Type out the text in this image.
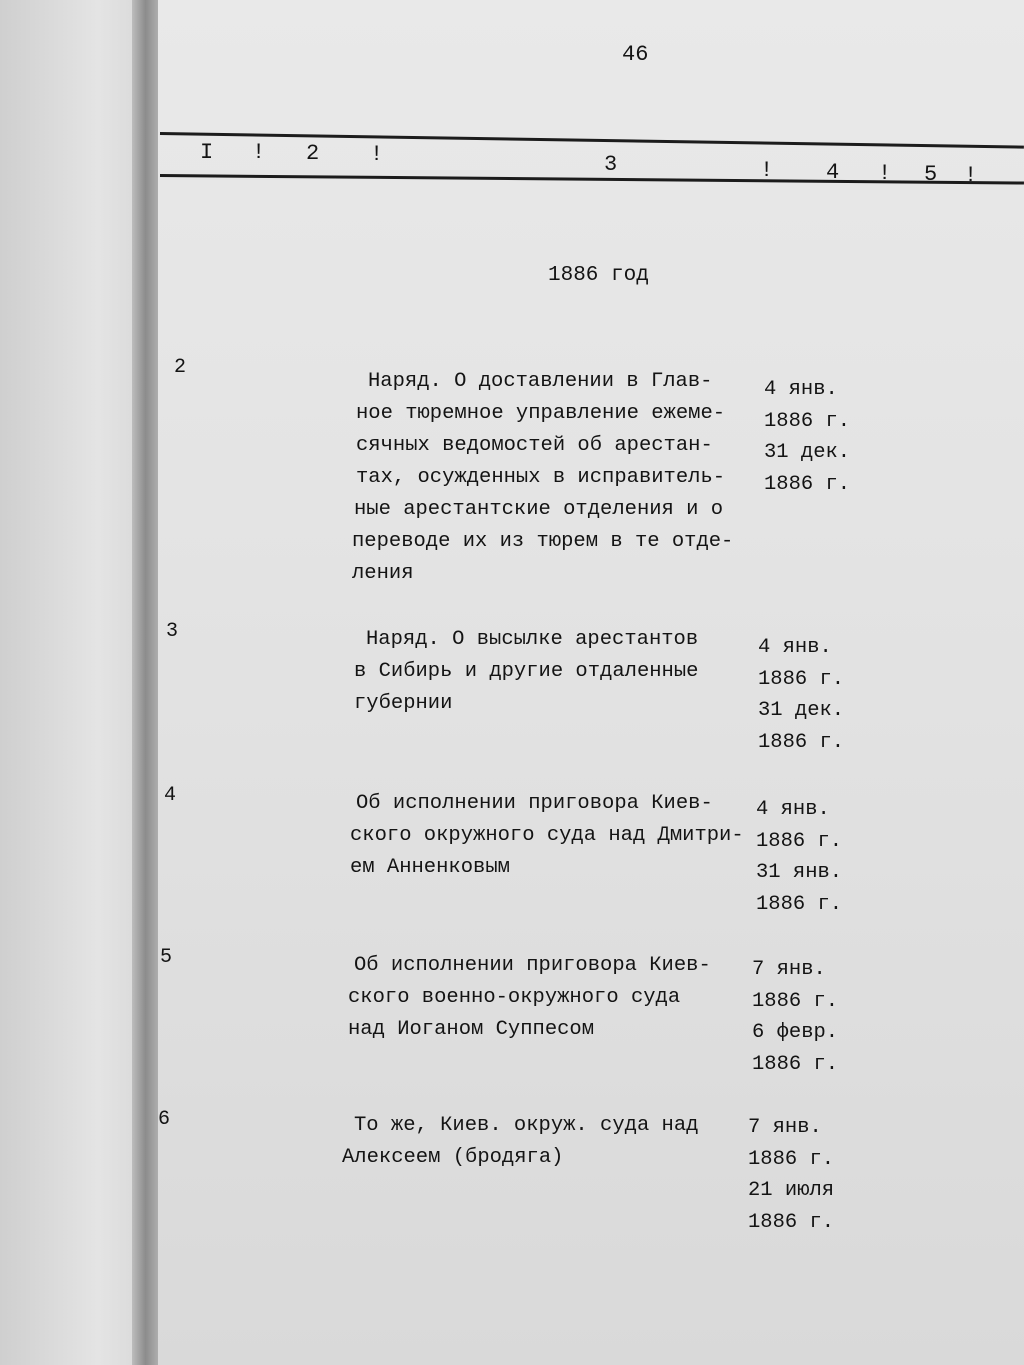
46
I ! 2 !	3	! 4 ! 5 !
1886 год
2
Наряд. О доставлении в Глав-
ное тюремное управление ежеме-
сячных ведомостей об арестан-
тах, осужденных в исправитель-
ные арестантские отделения и о
переводе их из тюрем в те отде-
ления
4 янв.
1886 г.
31 дек.
1886 г.
3	Наряд. О высылке арестантов
в Сибирь и другие отдаленные
губернии
4 янв.
1886 г.
31 дек.
1886 г.
4	Об исполнении приговора Киев-
ского окружного суда над Дмитри-
ем Анненковым
4 янв.
1886 г.
31 янв.
1886 г.
5	Об исполнении приговора Киев-
ского военно-окружного суда
над Иоганом Суппесом
7 янв.
1886 г.
6 февр.
1886 г.
6	То же, Киев. окруж. суда над
Алексеем (бродяга)
7 янв.
1886 г.
21 июля
1886 г.
